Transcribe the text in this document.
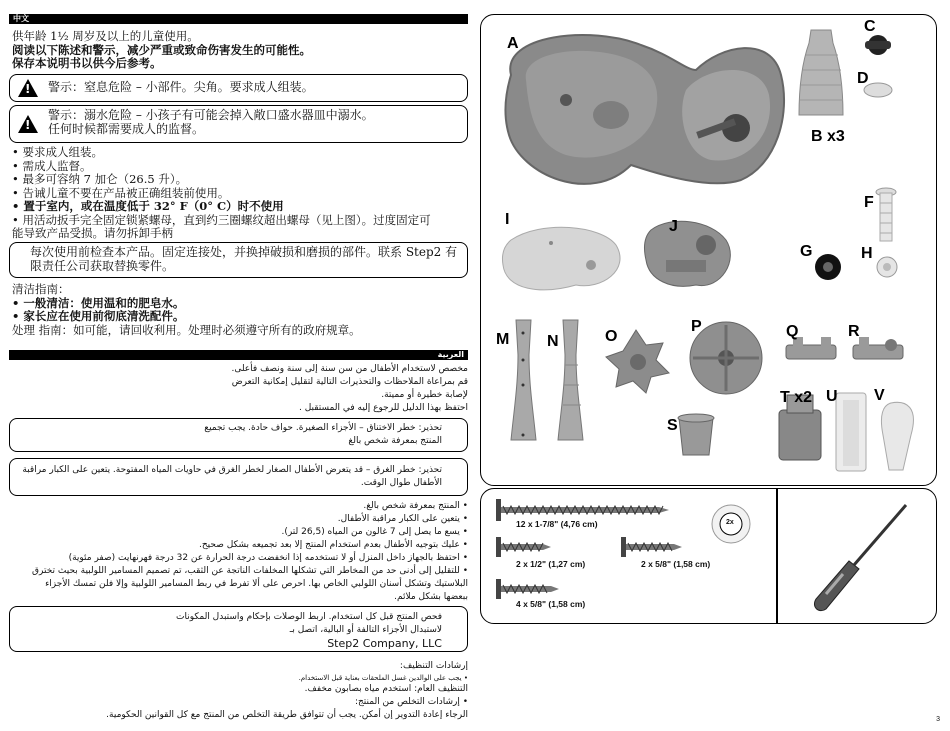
中文
供年龄 1½ 周岁及以上的儿童使用。
阅读以下陈述和警示，减少严重或致命伤害发生的可能性。
保存本说明书以供今后参考。
!
警示：窒息危险 – 小部件。尖角。要求成人组装。
!
警示：溺水危险 – 小孩子有可能会掉入敞口盛水器皿中溺水。
任何时候都需要成人的监督。
• 要求成人组装。
• 需成人监督。
• 最多可容纳 7 加仑（26.5 升）。
• 告诫儿童不要在产品被正确组装前使用。
• 置于室内，或在温度低于 32° F（0° C）时不使用
• 用活动扳手完全固定锁紧螺母，直到约三圈螺纹超出螺母（见上图）。过度固定可
能导致产品受损。请勿拆卸手柄
每次使用前检查本产品。固定连接处，并换掉破损和磨损的部件。联系 Step2 有
限责任公司获取替换零件。
清洁指南：
• 一般清洁：使用温和的肥皂水。
• 家长应在使用前彻底清洗配件。
处理 指南：如可能，请回收利用。处理时必须遵守所有的政府规章。
العربية
مخصص لاستخدام الأطفال من سن سنة إلى سنة ونصف فأعلى.
قم بمراعاة الملاحظات والتحذيرات التالية لتقليل إمكانية التعرض
لإصابة خطيرة أو مميتة.
احتفظ بهذا الدليل للرجوع إليه في المستقبل .
تحذير: خطر الاختناق – الأجزاء الصغيرة. حواف حادة. يجب تجميع
المنتج بمعرفة شخص بالغ
تحذير: خطر الغرق – قد يتعرض الأطفال الصغار لخطر الغرق في حاويات المياه المفتوحة. يتعين على الكبار مراقبة
الأطفال طوال الوقت.
• المنتج بمعرفة شخص بالغ.
• يتعين على الكبار مراقبة الأطفال.
• يسع ما يصل إلى 7 غالون من المياه (26,5 لتر).
• عليك بتوجيه الأطفال بعدم استخدام المنتج إلا بعد تجميعه بشكل صحيح.
• احتفظ بالجهاز داخل المنزل أو لا تستخدمه إذا انخفضت درجة الحرارة عن 32 درجة فهرنهايت (صفر مئوية)
• للتقليل إلى أدنى حد من المخاطر التي تشكلها المخلفات الناتجة عن الثقب، تم تصميم المسامير اللولبية بحيث تخترق
البلاستيك وتشكل أسنان اللولبي الخاص بها. احرص على ألا تفرط في ربط المسامير اللولبية وإلا فلن تمسك الأجزاء
ببعضها بشكل ملائم.
فحص المنتج قبل كل استخدام. اربط الوصلات بإحكام واستبدل المكونات
لاستبدال الأجزاء التالفة أو البالية، اتصل بـ
Step2 Company, LLC
إرشادات التنظيف:
• يجب على الوالدين غسل الملحقات بعناية قبل الاستخدام.
التنظيف العام: استخدم مياه بصابون مخفف.
• إرشادات التخلص من المنتج:
الرجاء إعادة التدوير إن أمكن. يجب أن تتوافق طريقة التخلص من المنتج مع كل القوانين الحكومية.
A
B x3
C
D
F
G	H
I	J
M N	O
P	Q	R
S
T x2 U V
12 x 1-7/8" (4,76 cm)
2 x 1/2" (1,27 cm)	2 x 5/8" (1,58 cm)
4 x 5/8" (1,58 cm)
2x
3
